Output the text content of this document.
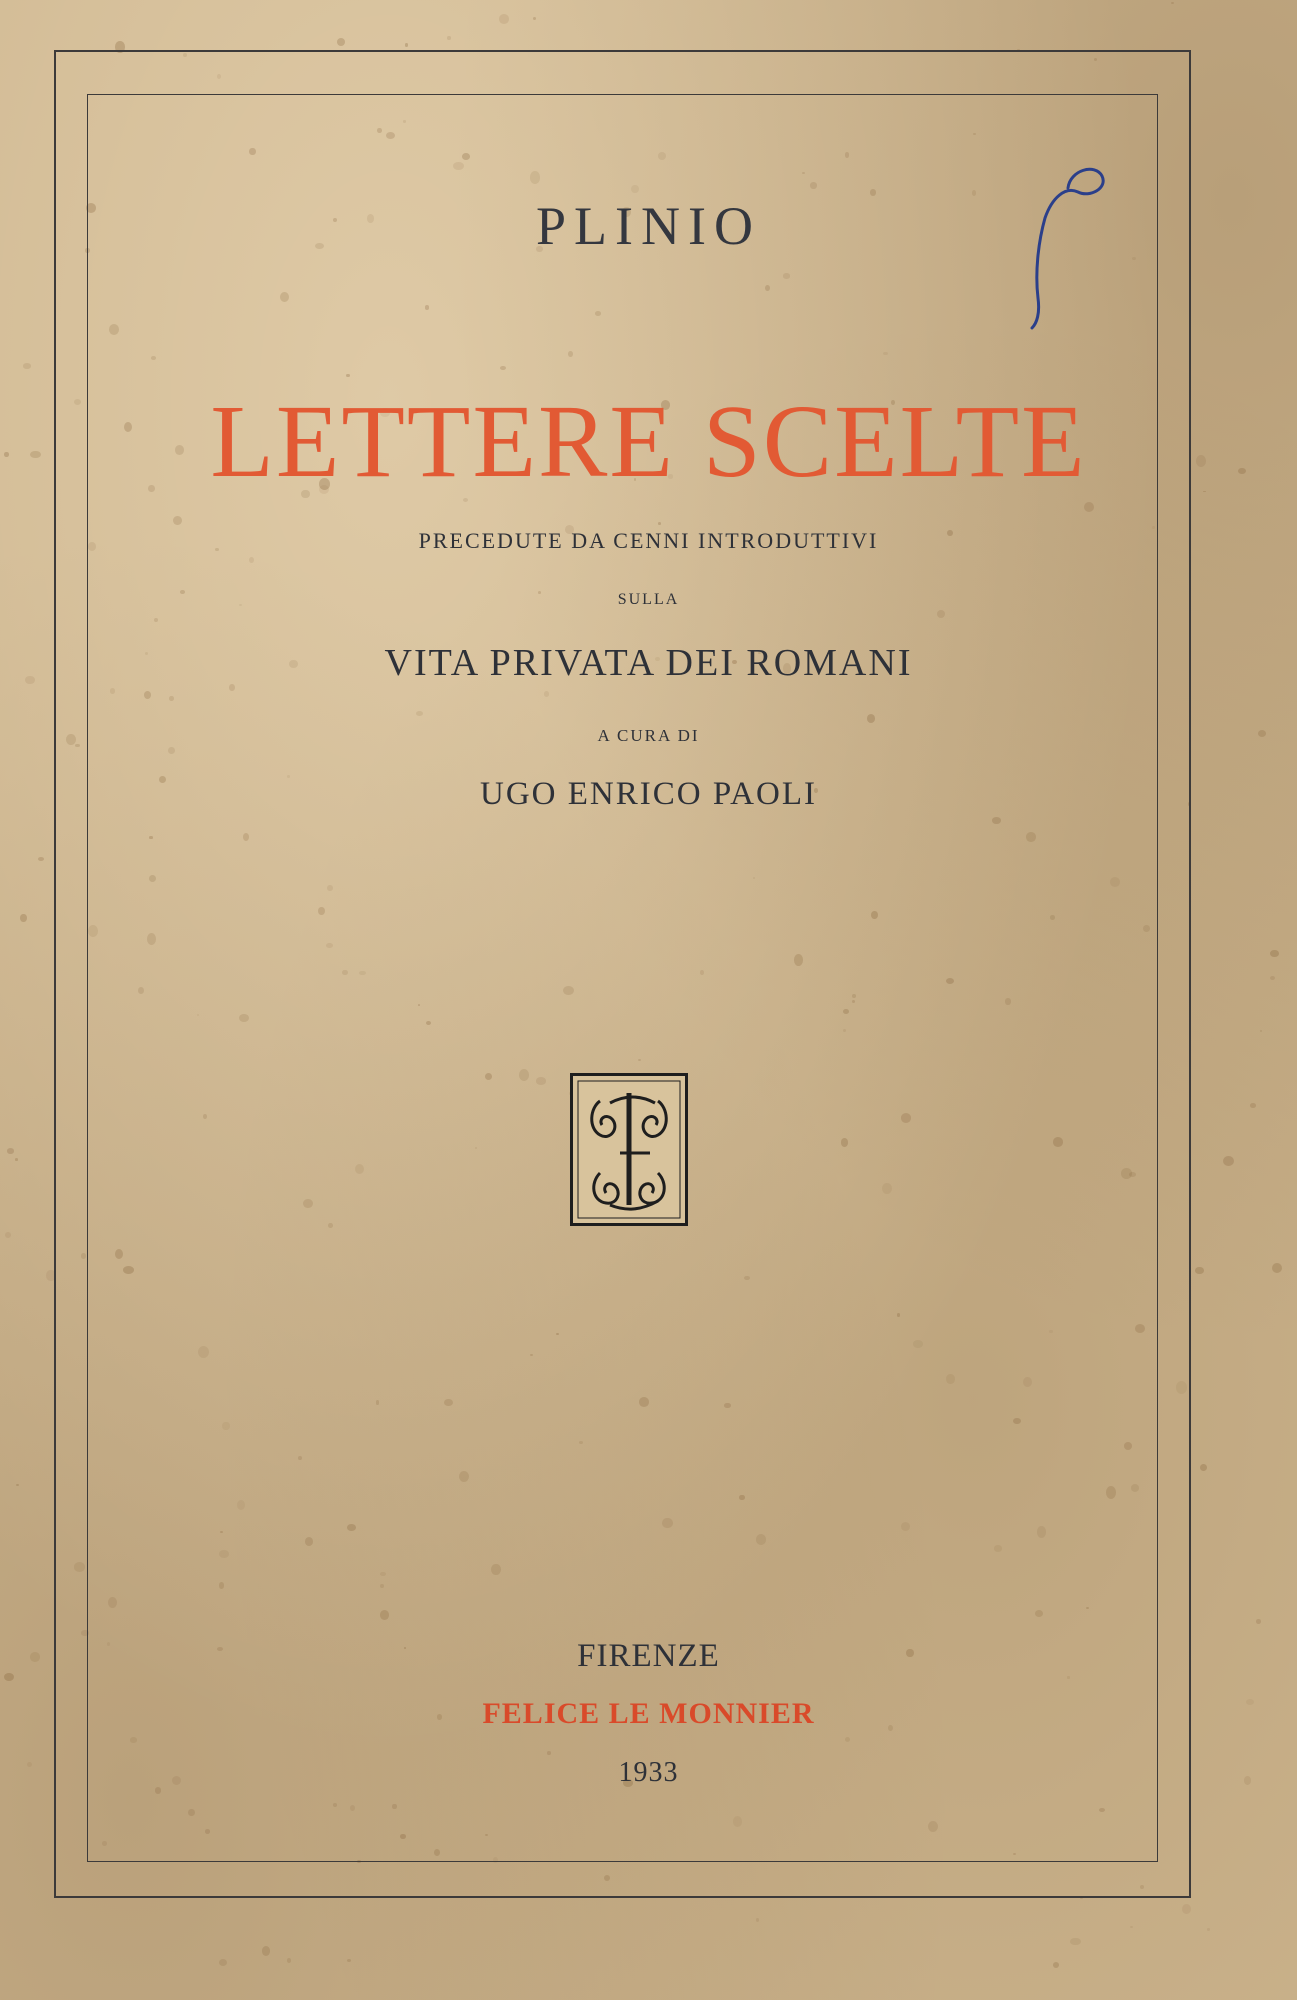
PLINIO
LETTERE SCELTE
PRECEDUTE DA CENNI INTRODUTTIVI
SULLA
VITA PRIVATA DEI ROMANI
A CURA DI
UGO ENRICO PAOLI
FIRENZE
FELICE LE MONNIER
1933
